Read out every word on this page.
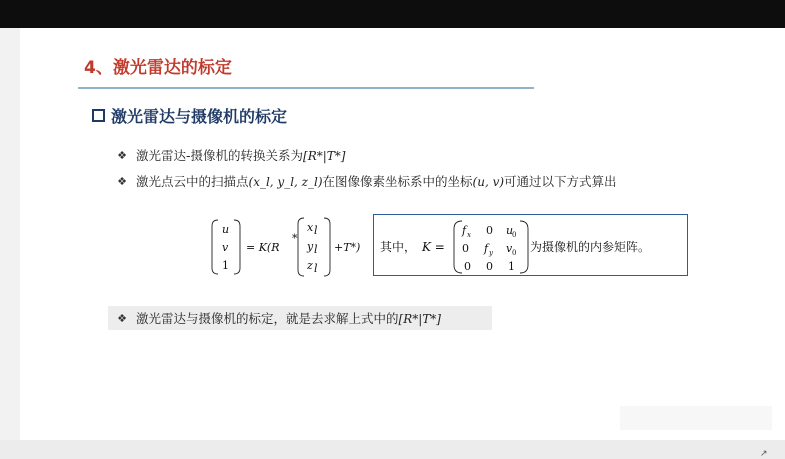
4、激光雷达的标定
激光雷达与摄像机的标定
❖ 激光雷达-摄像机的转换关系为[R*|T*]
❖ 激光点云中的扫描点(x_l, y_l, z_l)在图像像素坐标系中的坐标(u, v)可通过以下方式算出
u
v
1
= K(R
*
x l
y l
z l
+T*) 其中， K =
f x 0 u
0
0 f y v 0
0 0 1
为摄像机的内参矩阵。
❖ 激光雷达与摄像机的标定，就是去求解上式中的[R*|T*]
↗
